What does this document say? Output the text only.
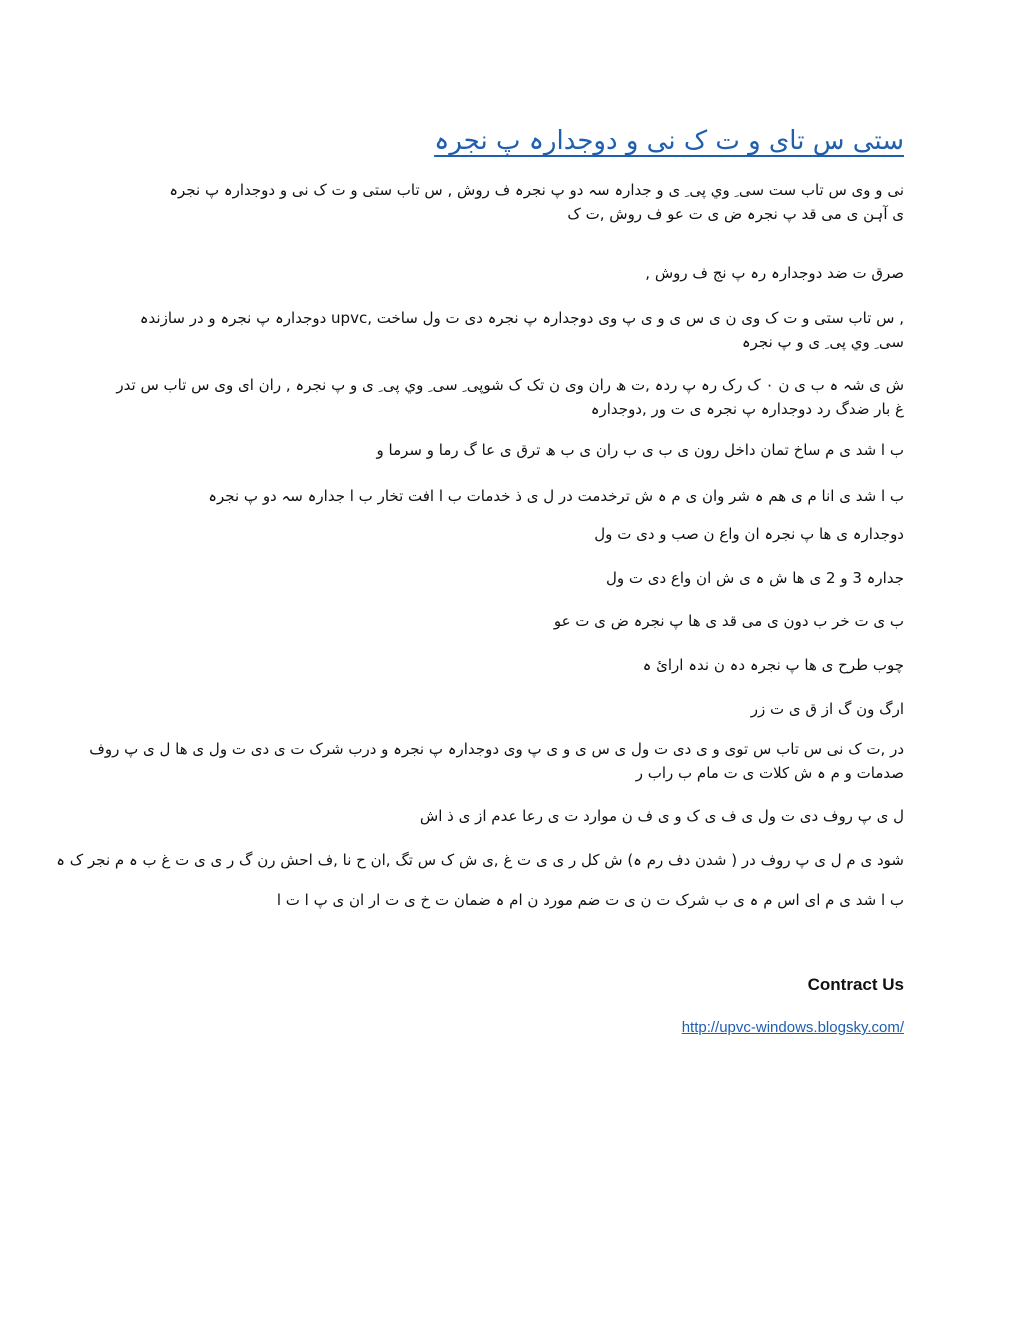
ستی س تای و ت ک نی و دوجدارہ پ نجرہ
نی و وی س تاب ست سی ِ وي پی ِ ی و جدارہ سہ دو پ نجرہ ف روش , س تاب ستی و ت ک نی و دوجدارہ پ نجرہ
ی آہن ی می قد پ نجرہ ض ی ت عو ف روش ,ت ک
صرق ت ضد دوجدارہ رہ پ نج ف روش ,
, س تاب ستی و ت ک وی ن ی س ی و ی پ وی دوجدارہ پ نجرہ دی ت ول ساخت ,upvc دوجدارہ پ نجرہ و در سازندہ
سی ِ وي پی ِ ی و پ نجرہ
ش ی شہ ہ ب ی ن ۰ ک رک رہ پ ردہ ,ت ھ ران وی ن تک ک شوپی ِ سی ِ وي پی ِ ی و پ نجرہ , ران ای وی س تاب س تدر
غ بار ضدگ رد دوجدارہ پ نجرہ ی ت ور ,دوجدارہ
ب ا شد ی م ساخ تمان داخل رون ی ب ی ب ران ی ب ھ ترق ی عا گ رما و سرما و
ب ا شد ی انا م ی ھم ہ شر وان ی م ہ ش ترخدمت در ل ی ذ خدمات ب ا افت تخار ب ا جدارہ سہ دو پ نجرہ
دوجدارہ ی ھا پ نجرہ ان واع ن صب و دی ت ول
جدارہ 3 و 2 ی ھا ش ہ ی ش ان واع دی ت ول
ب ی ت خر ب دون ی می قد ی ھا پ نجرہ ض ی ت عو
چوب طرح ی ھا پ نجرہ دہ ن ندہ ارائ ہ
ارگ ون گ از ق ی ت زر
در ,ت ک نی س تاب س توی و ی دی ت ول ی س ی و ی پ وی دوجدارہ پ نجرہ و درب شرک ت ی دی ت ول ی ھا ل ی پ روف
صدمات و م ہ ش کلات ی ت مام ب راب ر
ل ی پ روف دی ت ول ی ف ی ک و ی ف ن موارد ت ی رعا عدم از ی ذ اش
شود ی م ل ی پ روف در ( شدن دف رم ہ) ش کل ر ی ی ت غ ,ی ش ک س تگ ,ان ح نا ,ف احش رن گ ر ی ی ت غ ب ہ م نجر ک ہ
ب ا شد ی م ای اس م ہ ی ب شرک ت ن ی ت ضم مورد ن ام ہ ضمان ت خ ی ت ار ان ی پ ا ت ا
Contract Us
http://upvc-windows.blogsky.com/
